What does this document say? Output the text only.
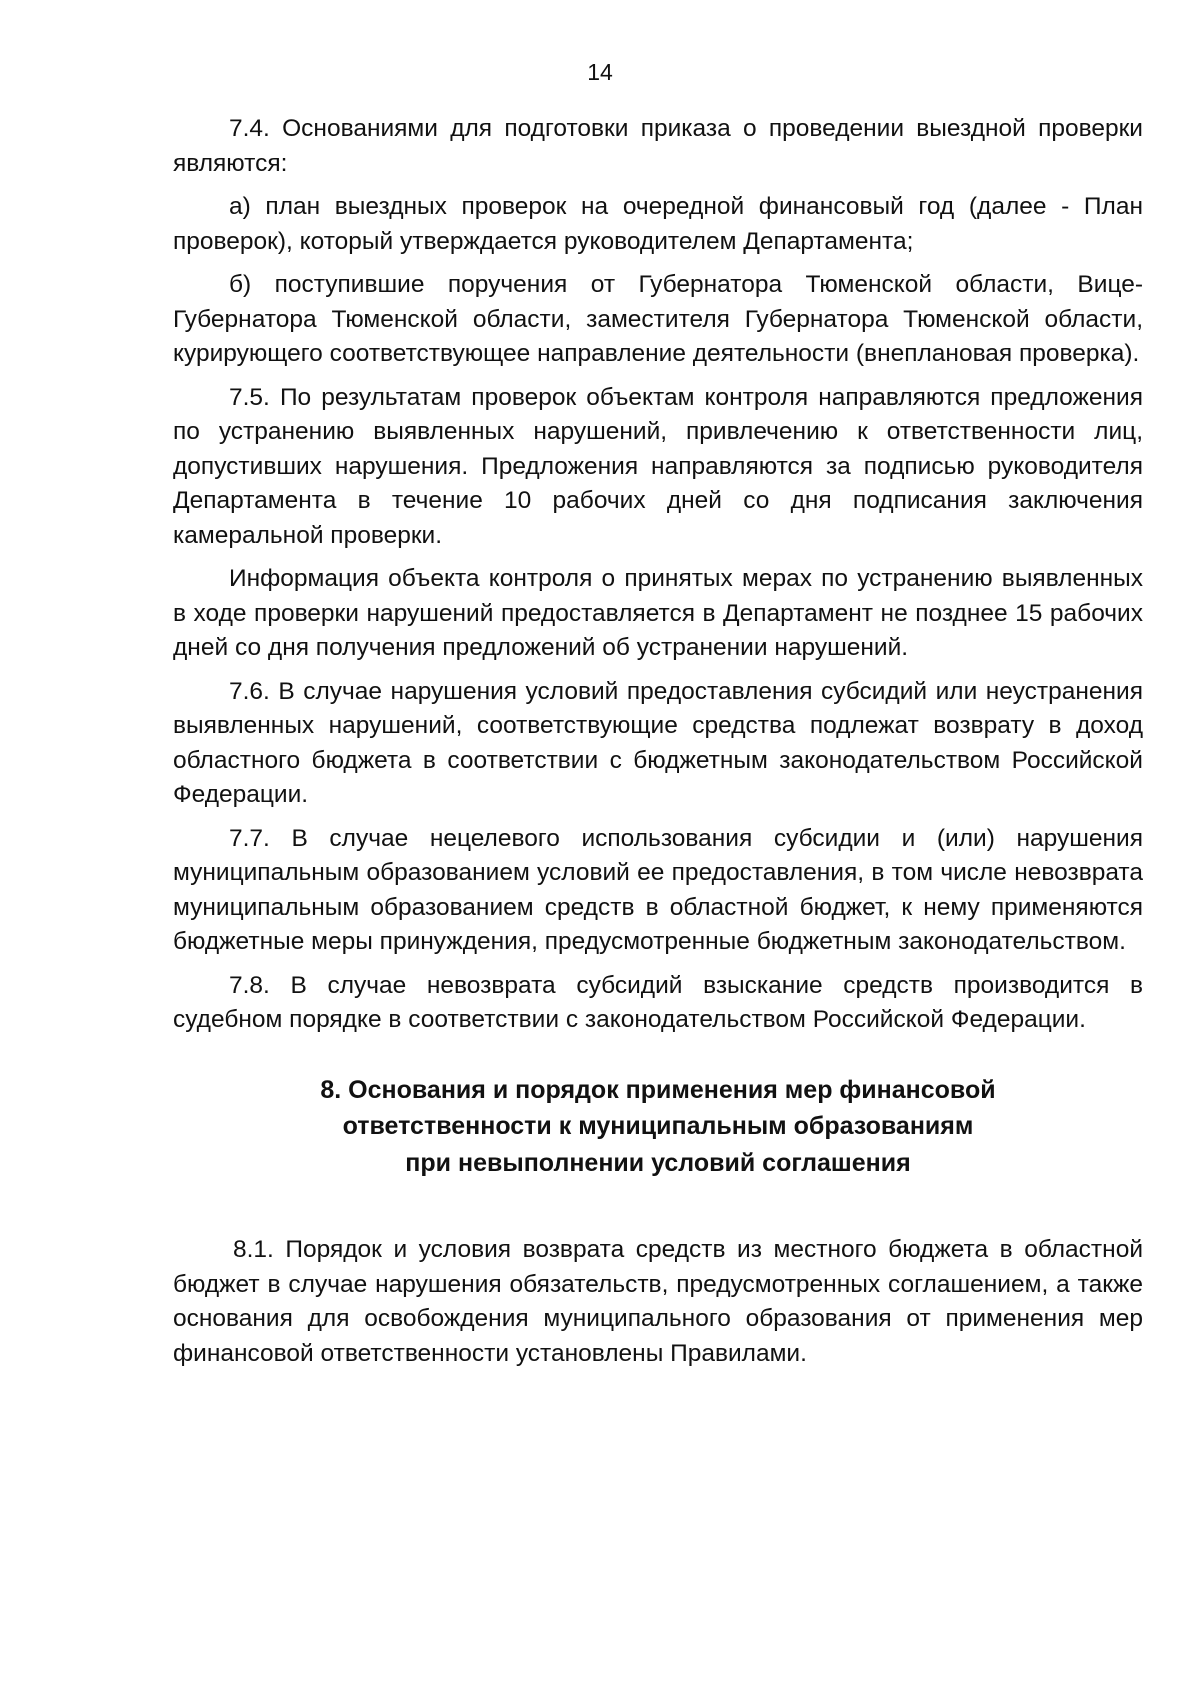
14

7.4. Основаниями для подготовки приказа о проведении выездной проверки являются:

а) план выездных проверок на очередной финансовый год (далее - План проверок), который утверждается руководителем Департамента;

б) поступившие поручения от Губернатора Тюменской области, Вице-Губернатора Тюменской области, заместителя Губернатора Тюменской области, курирующего соответствующее направление деятельности (внеплановая проверка).

7.5. По результатам проверок объектам контроля направляются предложения по устранению выявленных нарушений, привлечению к ответственности лиц, допустивших нарушения. Предложения направляются за подписью руководителя Департамента в течение 10 рабочих дней со дня подписания заключения камеральной проверки.

Информация объекта контроля о принятых мерах по устранению выявленных в ходе проверки нарушений предоставляется в Департамент не позднее 15 рабочих дней со дня получения предложений об устранении нарушений.

7.6. В случае нарушения условий предоставления субсидий или неустранения выявленных нарушений, соответствующие средства подлежат возврату в доход областного бюджета в соответствии с бюджетным законодательством Российской Федерации.

7.7. В случае нецелевого использования субсидии и (или) нарушения муниципальным образованием условий ее предоставления, в том числе невозврата муниципальным образованием средств в областной бюджет, к нему применяются бюджетные меры принуждения, предусмотренные бюджетным законодательством.

7.8. В случае невозврата субсидий взыскание средств производится в судебном порядке в соответствии с законодательством Российской Федерации.

8. Основания и порядок применения мер финансовой
ответственности к муниципальным образованиям
при невыполнении условий соглашения

8.1. Порядок и условия возврата средств из местного бюджета в областной бюджет в случае нарушения обязательств, предусмотренных соглашением, а также основания для освобождения муниципального образования от применения мер финансовой ответственности установлены Правилами.
